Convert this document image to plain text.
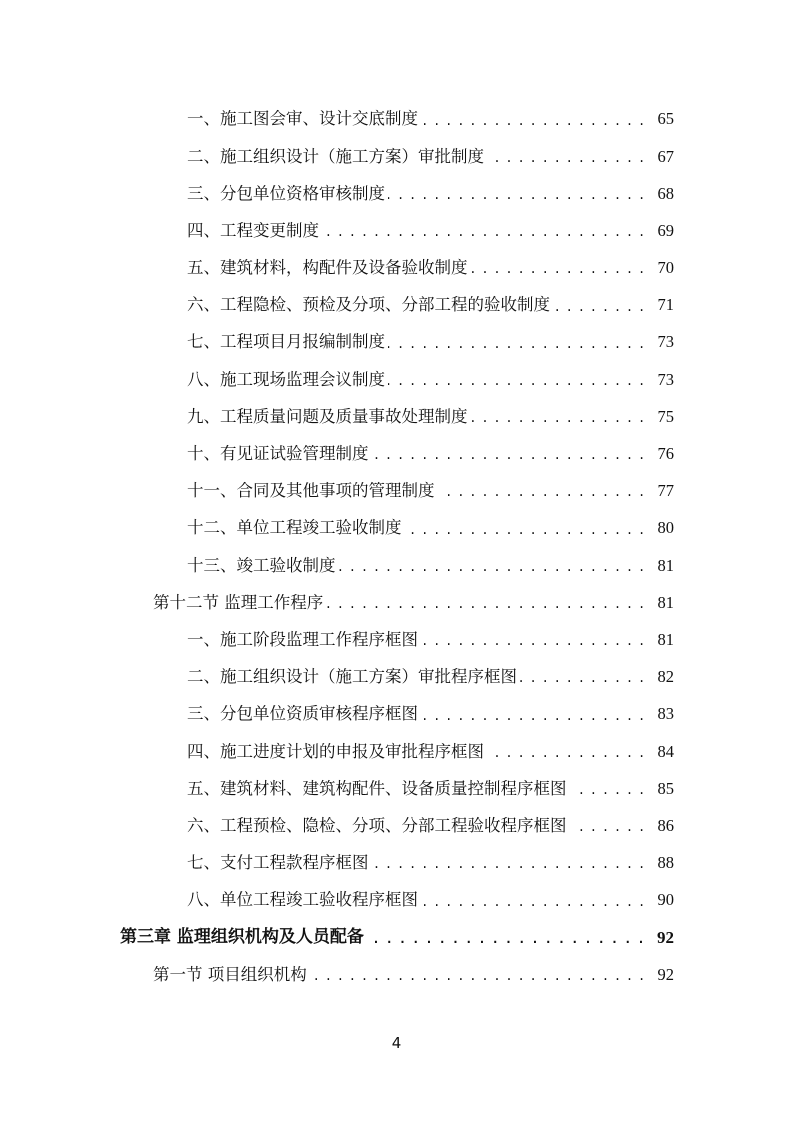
一、施工图会审、设计交底制度 . . .	65
二、施工组织设计（施工方案）审批制度 . . .	67
三、分包单位资格审核制度 . . .	68
四、工程变更制度 . . .	69
五、建筑材料，构配件及设备验收制度 . . .	70
六、工程隐检、预检及分项、分部工程的验收制度 . . .	71
七、工程项目月报编制制度 . . .	73
八、施工现场监理会议制度 . . .	73
九、工程质量问题及质量事故处理制度 . . .	75
十、有见证试验管理制度 . . .	76
十一、合同及其他事项的管理制度 . . .	77
十二、单位工程竣工验收制度 . . .	80
十三、竣工验收制度 . . .	81
第十二节 监理工作程序 . . .	81
一、施工阶段监理工作程序框图 . . .	81
二、施工组织设计（施工方案）审批程序框图 . . .	82
三、分包单位资质审核程序框图 . . .	83
四、施工进度计划的申报及审批程序框图 . . .	84
五、建筑材料、建筑构配件、设备质量控制程序框图 . . .	85
六、工程预检、隐检、分项、分部工程验收程序框图 . . .	86
七、支付工程款程序框图 . . .	88
八、单位工程竣工验收程序框图 . . .	90
第三章 监理组织机构及人员配备 . . .	92
第一节 项目组织机构 . . .	92
4
